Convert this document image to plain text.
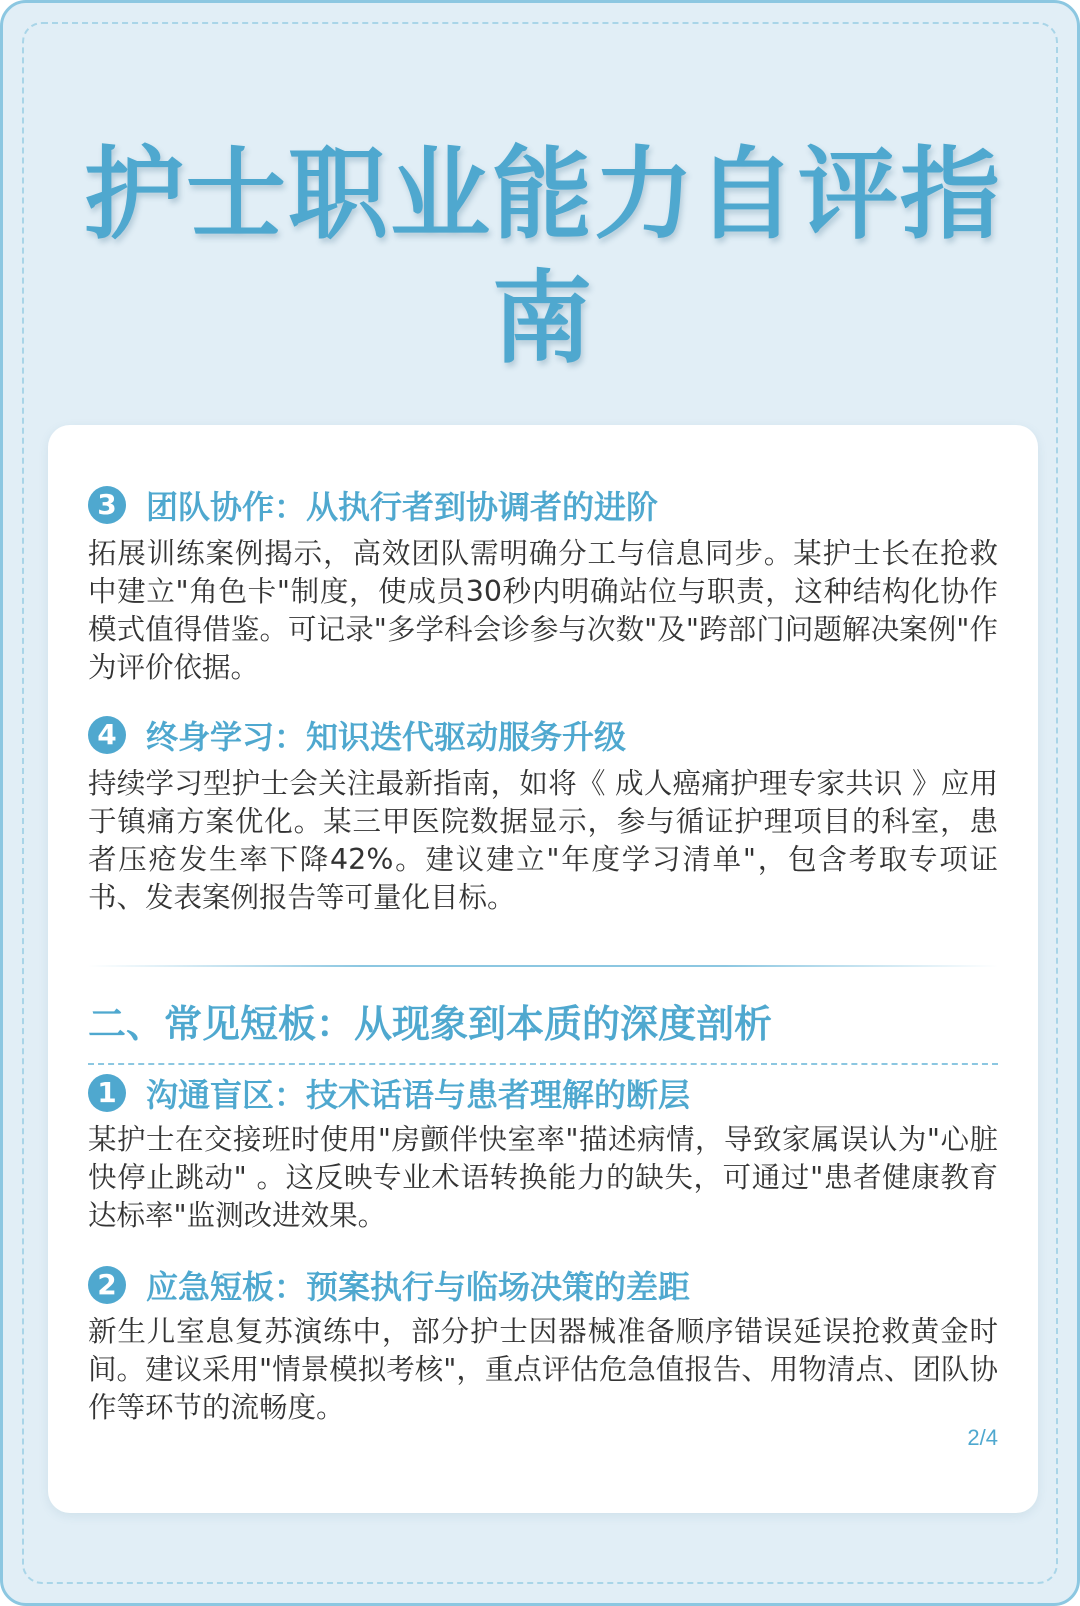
护士职业能力自评指南
3 团队协作：从执行者到协调者的进阶
拓展训练案例揭示，高效团队需明确分工与信息同步。某护士长在抢救中建立"角色卡"制度，使成员30秒内明确站位与职责，这种结构化协作模式值得借鉴。可记录"多学科会诊参与次数"及"跨部门问题解决案例"作为评价依据。
4 终身学习：知识迭代驱动服务升级
持续学习型护士会关注最新指南，如将《 成人癌痛护理专家共识 》应用于镇痛方案优化。某三甲医院数据显示，参与循证护理项目的科室，患者压疮发生率下降42%。建议建立"年度学习清单"，包含考取专项证书、发表案例报告等可量化目标。
二、常见短板：从现象到本质的深度剖析
1 沟通盲区：技术话语与患者理解的断层
某护士在交接班时使用"房颤伴快室率"描述病情，导致家属误认为"心脏快停止跳动" 。这反映专业术语转换能力的缺失，可通过"患者健康教育达标率"监测改进效果。
2 应急短板：预案执行与临场决策的差距
新生儿室息复苏演练中，部分护士因器械准备顺序错误延误抢救黄金时间。建议采用"情景模拟考核"，重点评估危急值报告、用物清点、团队协作等环节的流畅度。
2/4
